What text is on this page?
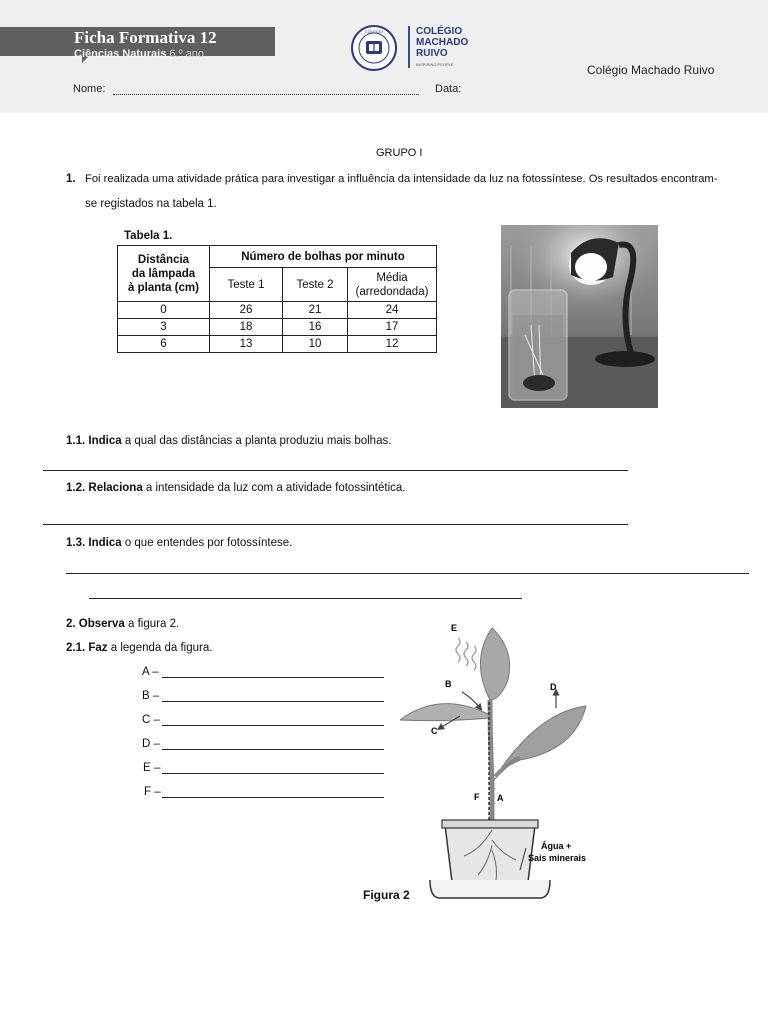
Ficha Formativa 12
Ciências Naturais 6.º ano
COLÉGIO	COLÉGIO
MACHADO
RUIVO
INSPIRING PEOPLE	Colégio Machado Ruivo
Nome:	Data:
GRUPO I
1. Foi realizada uma atividade prática para investigar a influência da intensidade da luz na fotossíntese. Os resultados encontram-
se registados na tabela 1.
Tabela 1.
Distância
da lâmpada
à planta (cm)	Número de bolhas por minuto		
	Teste 1	Teste 2	Média
(arredondada)

0	26	21	24
3	18	16	17
6	13	10	12
1.1. Indica a qual das distâncias a planta produziu mais bolhas.
1.2. Relaciona a intensidade da luz com a atividade fotossintética.
1.3. Indica o que entendes por fotossíntese.
2. Observa a figura 2.
2.1. Faz a legenda da figura.
A –
B –
C –
D –
E –
F –
E
B	D
C
F A
Água +
Sais minerais
Figura 2
